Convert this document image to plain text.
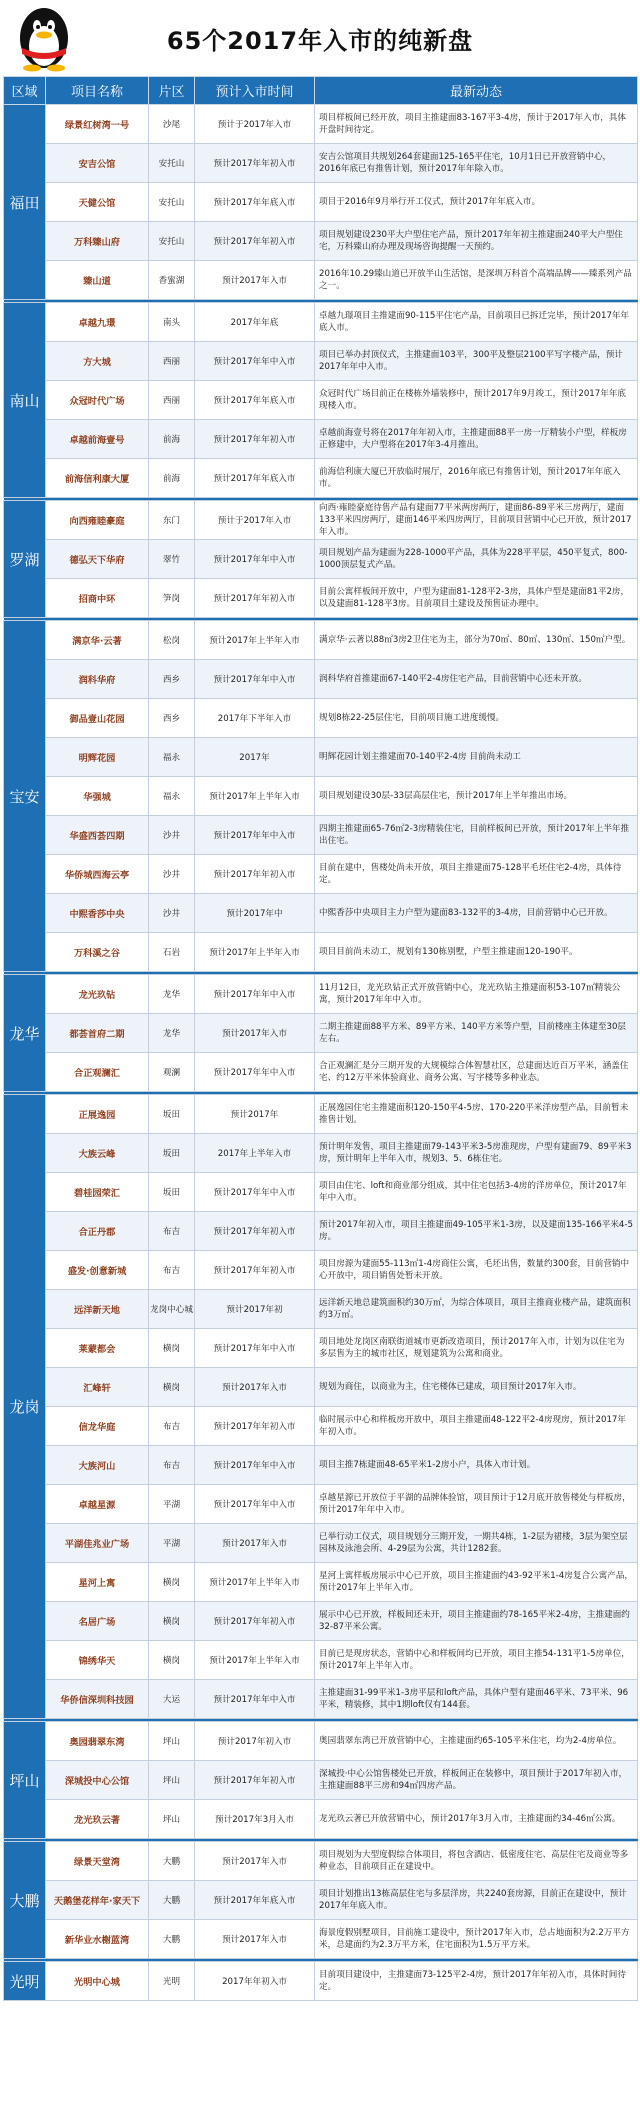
65个2017年入市的纯新盘
区域	项目名称	片区	预计入市时间	最新动态
福田	绿景红树湾一号	沙尾	预计于2017年入市	项目样板间已经开放，项目主推建面83-167平3-4房，预计于2017年入市，具体开盘时间待定。
	安吉公馆	安托山	预计2017年年初入市	安吉公馆项目共规划264套建面125-165平住宅，10月1日已开放营销中心，2016年底已有推售计划，预计2017年年除入市。
	天健公馆	安托山	预计2017年年底入市	项目于2016年9月举行开工仪式，预计2017年年底入市。
	万科臻山府	安托山	预计2017年年初入市	项目规划建设230平大户型住宅产品，预计2017年年初主推建面240平大户型住宅，万科臻山府办理及现场咨询提醒一天预约。
	臻山道	香蜜湖	预计2017年入市	2016年10.29臻山道已开放半山生活馆，是深圳万科首个高端品牌——臻系列产品之一。

南山	卓越九璟	南头	2017年年底	卓越九璟项目主推建面90-115平住宅产品，目前项目已拆迁完毕，预计2017年年底入市。
	方大城	西丽	预计2017年年中入市	项目已举办封顶仪式，主推建面103平，300平及整层2100平写字楼产品，预计2017年年中入市。
	众冠时代广场	西丽	预计2017年年底入市	众冠时代广场目前正在楼栋外墙装修中，预计2017年9月竣工，预计2017年年底现楼入市。
	卓越前海壹号	前海	预计2017年年初入市	卓越前海壹号将在2017年年初入市，主推建面88平一房一厅精装小户型，样板房正修建中，大户型将在2017年3-4月推出。
	前海信利康大厦	前海	预计2017年年底入市	前海信利康大厦已开放临时展厅，2016年底已有推售计划，预计2017年年底入市。

罗湖	向西雍睦豪庭	东门	预计于2017年入市	向西·雍睦豪庭待售产品有建面77平米两房两厅，建面86-89平米三房两厅，建面133平米四房两厅，建面146平米四房两厅，目前项目营销中心已开放，预计2017年入市。
	德弘天下华府	翠竹	预计2017年年中入市	项目规划产品为建面为228-1000平产品，具体为228平平层，450平复式，800-1000顶层复式产品。
	招商中环	笋岗	预计2017年年初入市	目前公寓样板间开放中，户型为建面81-128平2-3房，具体户型是建面81平2房，以及建面81-128平3房。目前项目土建设及预售证办理中。

宝安	满京华·云著	松岗	预计2017年上半年入市	满京华·云著以88㎡3房2卫住宅为主，部分为70㎡、80㎡、130㎡、150㎡户型。
	润科华府	西乡	预计2017年年中入市	润科华府首推建面67-140平2-4房住宅产品，目前营销中心还未开放。
	御品壹山花园	西乡	2017年下半年入市	规划8栋22-25层住宅，目前项目施工进度缓慢。
	明辉花园	福永	2017年	明辉花园计划主推建面70-140平2-4房 目前尚未动工
	华强城	福永	预计2017年上半年入市	项目规划建设30层-33层高层住宅，预计2017年上半年推出市场。
	华盛西荟四期	沙井	预计2017年年中入市	四期主推建面65-76㎡2-3房精装住宅，目前样板间已开放，预计2017年上半年推出住宅。
	华侨城西海云亭	沙井	预计2017年年初入市	目前在建中，售楼处尚未开放，项目主推建面75-128平毛坯住宅2-4房，具体待定。
	中熙香莎中央	沙井	预计2017年中	中熙香莎中央项目主力户型为建面83-132平的3-4房，目前营销中心已开放。
	万科溪之谷	石岩	预计2017年上半年入市	项目目前尚未动工，规划有130栋别墅，户型主推建面120-190平。

龙华	龙光玖钻	龙华	预计2017年年中入市	11月12日，龙光玖钻正式开放营销中心，龙光玖钻主推建面积53-107㎡精装公寓，预计2017年年中入市。
	都荟首府二期	龙华	预计2017年入市	二期主推建面88平方米、89平方米、140平方米等户型，目前楼座主体建至30层左右。
	合正观澜汇	观澜	预计2017年年中入市	合正观澜汇是分三期开发的大规模综合体智慧社区，总建面达近百万平米，涵盖住宅、约12万平米体验商业、商务公寓、写字楼等多种业态。

龙岗	正展逸园	坂田	预计2017年	正展逸园住宅主推建面积120-150平4-5房、170-220平米洋房型产品，目前暂未推售计划。
	大族云峰	坂田	2017年上半年入市	预计明年发售，项目主推建面79-143平米3-5房准现房，户型有建面79、89平米3房，预计明年上半年入市，规划3、5、6栋住宅。
	碧桂园荣汇	坂田	预计2017年年中入市	项目由住宅、loft和商业部分组成，其中住宅包括3-4房的洋房单位，预计2017年年中入市。
	合正丹郡	布吉	预计2017年年初入市	预计2017年初入市，项目主推建面49-105平米1-3房，以及建面135-166平米4-5房。
	盛发·创意新城	布吉	预计2017年年初入市	项目房源为建面55-113㎡1-4房商住公寓，毛坯出售，数量约300套，目前营销中心开放中，项目销售处暂未开放。
	远洋新天地	龙岗中心城	预计2017年初	远洋新天地总建筑面积约30万㎡，为综合体项目，项目主推商业楼产品，建筑面积约3万㎡。
	莱蒙都会	横岗	预计2017年年中入市	项目地处龙岗区南联街道城市更新改造项目，预计2017年入市，计划为以住宅为多层售为主的城市社区，规划建筑为公寓和商业。
	汇峰轩	横岗	预计2017年入市	规划为商住，以商业为主，住宅楼体已建成，项目预计2017年入市。
	信龙华庭	布吉	预计2017年年初入市	临时展示中心和样板房开放中，项目主推建面48-122平2-4房现房，预计2017年年初入市。
	大族河山	布吉	预计2017年年中入市	项目主推7栋建面48-65平米1-2房小户，具体入市计划。
	卓越星源	平湖	预计2017年年中入市	卓越星源已开放位于平湖的品牌体验馆，项目预计于12月底开放售楼处与样板房，预计2017年年中入市。
	平湖佳兆业广场	平湖	预计2017年入市	已举行动工仪式，项目规划分三期开发，一期共4栋，1-2层为裙楼，3层为架空层园林及泳池会所、4-29层为公寓，共计1282套。
	星河上寓	横岗	预计2017年上半年入市	星河上寓样板房展示中心已开放，项目主推建面约43-92平米1-4房复合公寓产品，预计2017年上半年入市。
	名居广场	横岗	预计2017年年初入市	展示中心已开放，样板间还未开，项目主推建面约78-165平米2-4房，主推建面约32-87平米公寓。
	锦绣华天	横岗	预计2017年上半年入市	目前已是现房状态，营销中心和样板间均已开放，项目主推54-131平1-5房单位，预计2017年上半年入市。
	华侨信深圳科技园	大运	预计2017年年中入市	主推建面31-99平米1-3房平层和loft产品，具体户型有建面46平米、73平米、96平米，精装修，其中1期loft仅有144套。

坪山	奥园翡翠东湾	坪山	预计2017年初入市	奥园翡翠东湾已开放营销中心，主推建面约65-105平米住宅，均为2-4房单位。
	深城投中心公馆	坪山	预计2017年年初入市	深城投·中心公馆售楼处已开放，样板间正在装修中，项目预计于2017年初入市，主推建面88平三房和94㎡四房产品。
	龙光玖云著	坪山	预计2017年3月入市	龙光玖云著已开放营销中心，预计2017年3月入市，主推建面约34-46㎡公寓。

大鹏	绿景天堂湾	大鹏	预计2017年入市	项目规划为大型度假综合体项目，将包含酒店、低密度住宅、高层住宅及商业等多种业态，目前项目正在建设中。
	天鹅堡花样年·家天下	大鹏	预计2017年年底入市	项目计划推出13栋高层住宅与多层洋房，共2240套房源，目前正在建设中，预计2017年年底入市。
	新华业水榭蓝湾	大鹏	预计2017年入市	海景度假别墅项目，目前施工建设中，预计2017年入市，总占地面积为2.2万平方米，总建面约为2.3万平方米，住宅面积为1.5万平方米。

光明	光明中心城	光明	2017年年初入市	目前项目建设中，主推建面73-125平2-4房，预计2017年年初入市，具体时间待定。
